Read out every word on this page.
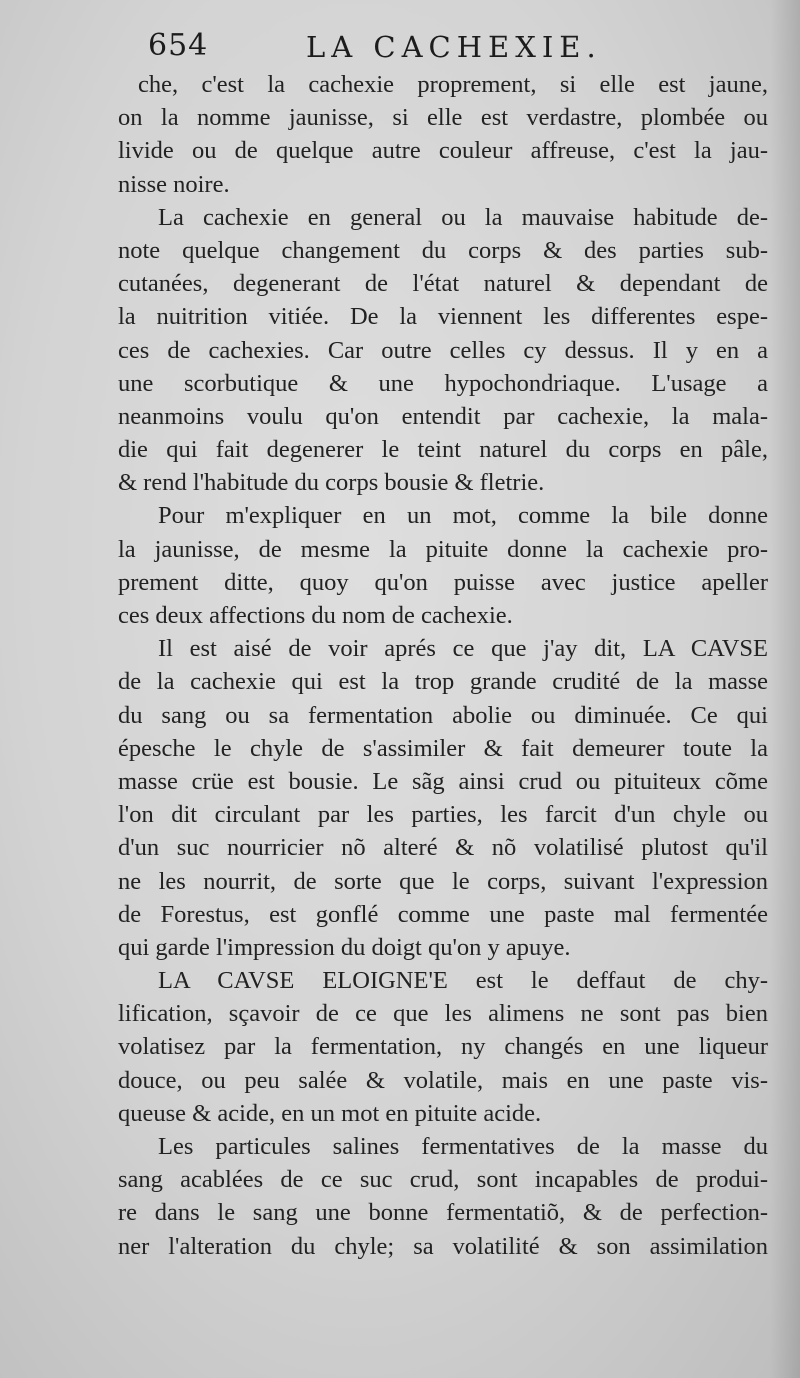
654	LA CACHEXIE.
che, c'est la cachexie proprement, si elle est jaune,
on la nomme jaunisse, si elle est verdastre, plombée ou
livide ou de quelque autre couleur affreuse, c'est la jau-
nisse noire.
La cachexie en general ou la mauvaise habitude de-
note quelque changement du corps & des parties sub-
cutanées, degenerant de l'état naturel & dependant de
la nuitrition vitiée. De la viennent les differentes espe-
ces de cachexies. Car outre celles cy dessus. Il y en a
une scorbutique & une hypochondriaque. L'usage a
neanmoins voulu qu'on entendit par cachexie, la mala-
die qui fait degenerer le teint naturel du corps en pâle,
& rend l'habitude du corps bousie & fletrie.
Pour m'expliquer en un mot, comme la bile donne
la jaunisse, de mesme la pituite donne la cachexie pro-
prement ditte, quoy qu'on puisse avec justice apeller
ces deux affections du nom de cachexie.
Il est aisé de voir aprés ce que j'ay dit, LA CAVSE
de la cachexie qui est la trop grande crudité de la masse
du sang ou sa fermentation abolie ou diminuée. Ce qui
épesche le chyle de s'assimiler & fait demeurer toute la
masse crüe est bousie. Le sãg ainsi crud ou pituiteux cõme
l'on dit circulant par les parties, les farcit d'un chyle ou
d'un suc nourricier nõ alteré & nõ volatilisé plutost qu'il
ne les nourrit, de sorte que le corps, suivant l'expression
de Forestus, est gonflé comme une paste mal fermentée
qui garde l'impression du doigt qu'on y apuye.
LA CAVSE ELOIGNE'E est le deffaut de chy-
lification, sçavoir de ce que les alimens ne sont pas bien
volatisez par la fermentation, ny changés en une liqueur
douce, ou peu salée & volatile, mais en une paste vis-
queuse & acide, en un mot en pituite acide.
Les particules salines fermentatives de la masse du
sang acablées de ce suc crud, sont incapables de produi-
re dans le sang une bonne fermentatiõ, & de perfection-
ner l'alteration du chyle; sa volatilité & son assimilation
